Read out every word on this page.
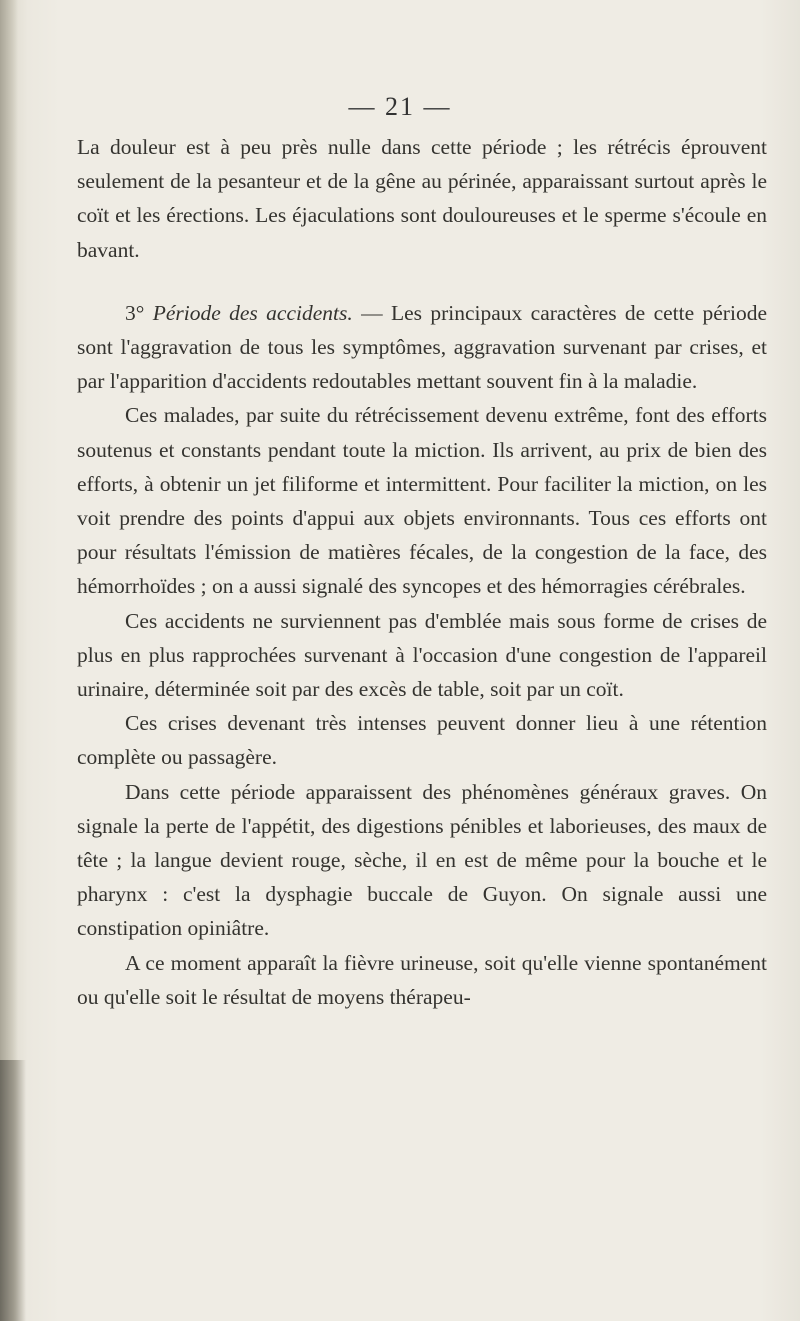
— 21 —

La douleur est à peu près nulle dans cette période ; les rétrécis éprouvent seulement de la pesanteur et de la gêne au périnée, apparaissant surtout après le coït et les érections. Les éjaculations sont douloureuses et le sperme s'écoule en bavant.

3° Période des accidents. — Les principaux caractères de cette période sont l'aggravation de tous les symptômes, aggravation survenant par crises, et par l'apparition d'accidents redoutables mettant souvent fin à la maladie.

Ces malades, par suite du rétrécissement devenu extrême, font des efforts soutenus et constants pendant toute la miction. Ils arrivent, au prix de bien des efforts, à obtenir un jet filiforme et intermittent. Pour faciliter la miction, on les voit prendre des points d'appui aux objets environnants. Tous ces efforts ont pour résultats l'émission de matières fécales, de la congestion de la face, des hémorrhoïdes ; on a aussi signalé des syncopes et des hémorragies cérébrales.

Ces accidents ne surviennent pas d'emblée mais sous forme de crises de plus en plus rapprochées survenant à l'occasion d'une congestion de l'appareil urinaire, déterminée soit par des excès de table, soit par un coït.

Ces crises devenant très intenses peuvent donner lieu à une rétention complète ou passagère.

Dans cette période apparaissent des phénomènes généraux graves. On signale la perte de l'appétit, des digestions pénibles et laborieuses, des maux de tête ; la langue devient rouge, sèche, il en est de même pour la bouche et le pharynx : c'est la dysphagie buccale de Guyon. On signale aussi une constipation opiniâtre.

A ce moment apparaît la fièvre urineuse, soit qu'elle vienne spontanément ou qu'elle soit le résultat de moyens thérapeu-
